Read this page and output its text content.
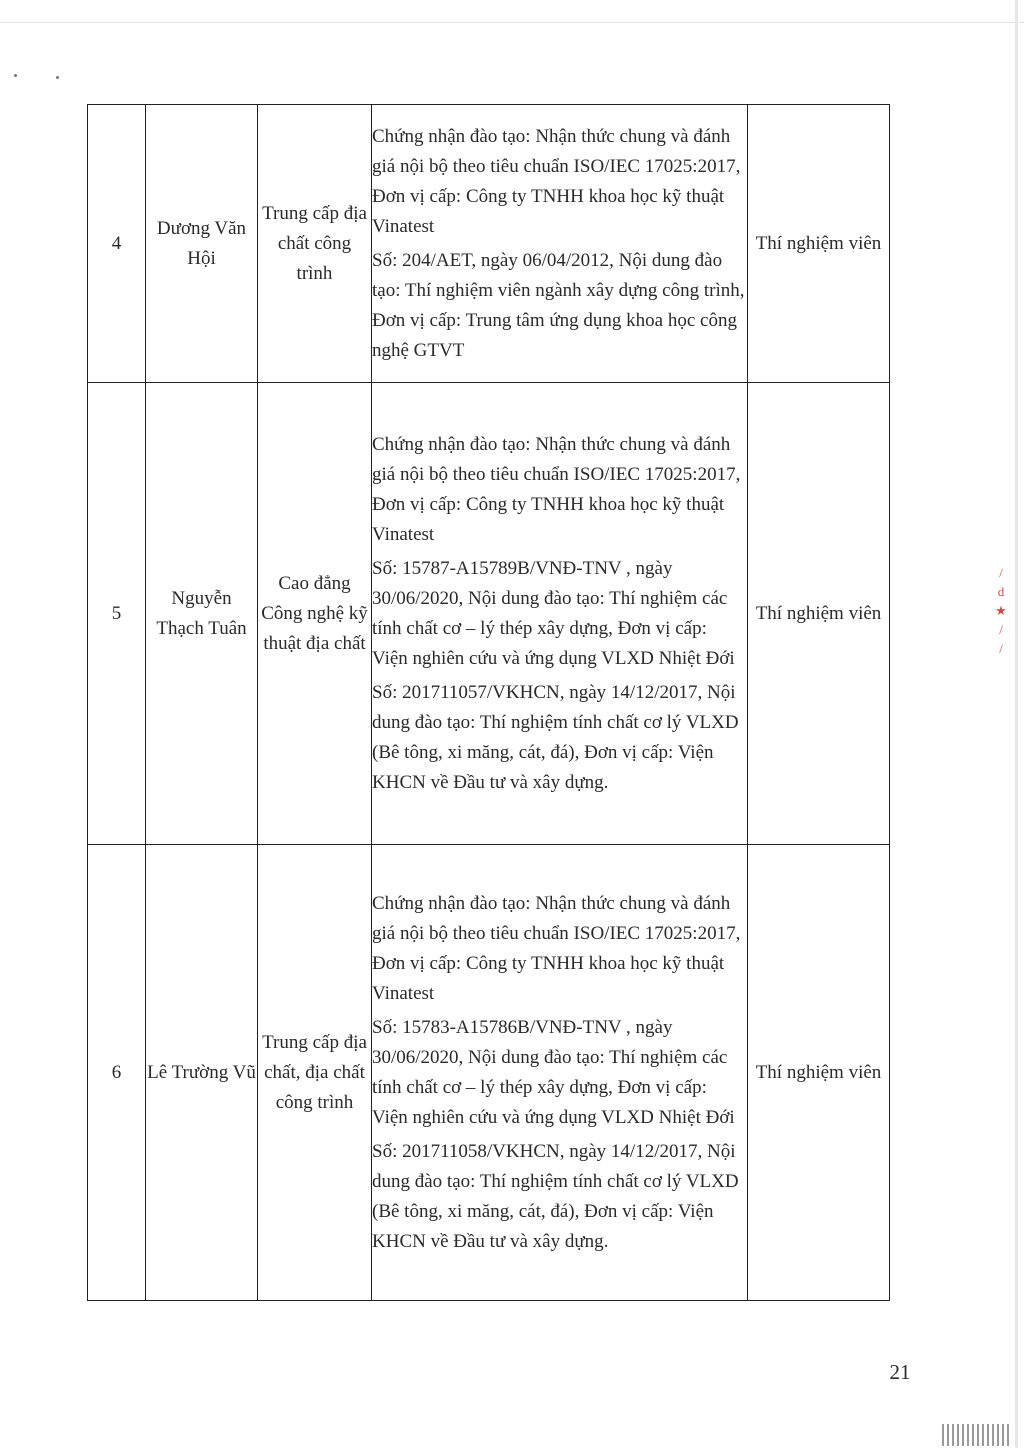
/
d
★
/
/
4	Dương Văn Hội	Trung cấp địa chất công trình	Chứng nhận đào tạo: Nhận thức chung và đánh giá nội bộ theo tiêu chuẩn ISO/IEC 17025:2017, Đơn vị cấp: Công ty TNHH khoa học kỹ thuật Vinatest
Số: 204/AET, ngày 06/04/2012, Nội dung đào tạo: Thí nghiệm viên ngành xây dựng công trình, Đơn vị cấp: Trung tâm ứng dụng khoa học công nghệ GTVT	Thí nghiệm viên
5	Nguyễn Thạch Tuân	Cao đẳng Công nghệ kỹ thuật địa chất	Chứng nhận đào tạo: Nhận thức chung và đánh giá nội bộ theo tiêu chuẩn ISO/IEC 17025:2017, Đơn vị cấp: Công ty TNHH khoa học kỹ thuật Vinatest
Số: 15787-A15789B/VNĐ-TNV , ngày 30/06/2020, Nội dung đào tạo: Thí nghiệm các tính chất cơ – lý thép xây dựng, Đơn vị cấp: Viện nghiên cứu và ứng dụng VLXD Nhiệt Đới
Số: 201711057/VKHCN, ngày 14/12/2017, Nội dung đào tạo: Thí nghiệm tính chất cơ lý VLXD (Bê tông, xi măng, cát, đá), Đơn vị cấp: Viện KHCN về Đầu tư và xây dựng.	Thí nghiệm viên
6	Lê Trường Vũ	Trung cấp địa chất, địa chất công trình	Chứng nhận đào tạo: Nhận thức chung và đánh giá nội bộ theo tiêu chuẩn ISO/IEC 17025:2017, Đơn vị cấp: Công ty TNHH khoa học kỹ thuật Vinatest
Số: 15783-A15786B/VNĐ-TNV , ngày 30/06/2020, Nội dung đào tạo: Thí nghiệm các tính chất cơ – lý thép xây dựng, Đơn vị cấp: Viện nghiên cứu và ứng dụng VLXD Nhiệt Đới
Số: 201711058/VKHCN, ngày 14/12/2017, Nội dung đào tạo: Thí nghiệm tính chất cơ lý VLXD (Bê tông, xi măng, cát, đá), Đơn vị cấp: Viện KHCN về Đầu tư và xây dựng.	Thí nghiệm viên
21
